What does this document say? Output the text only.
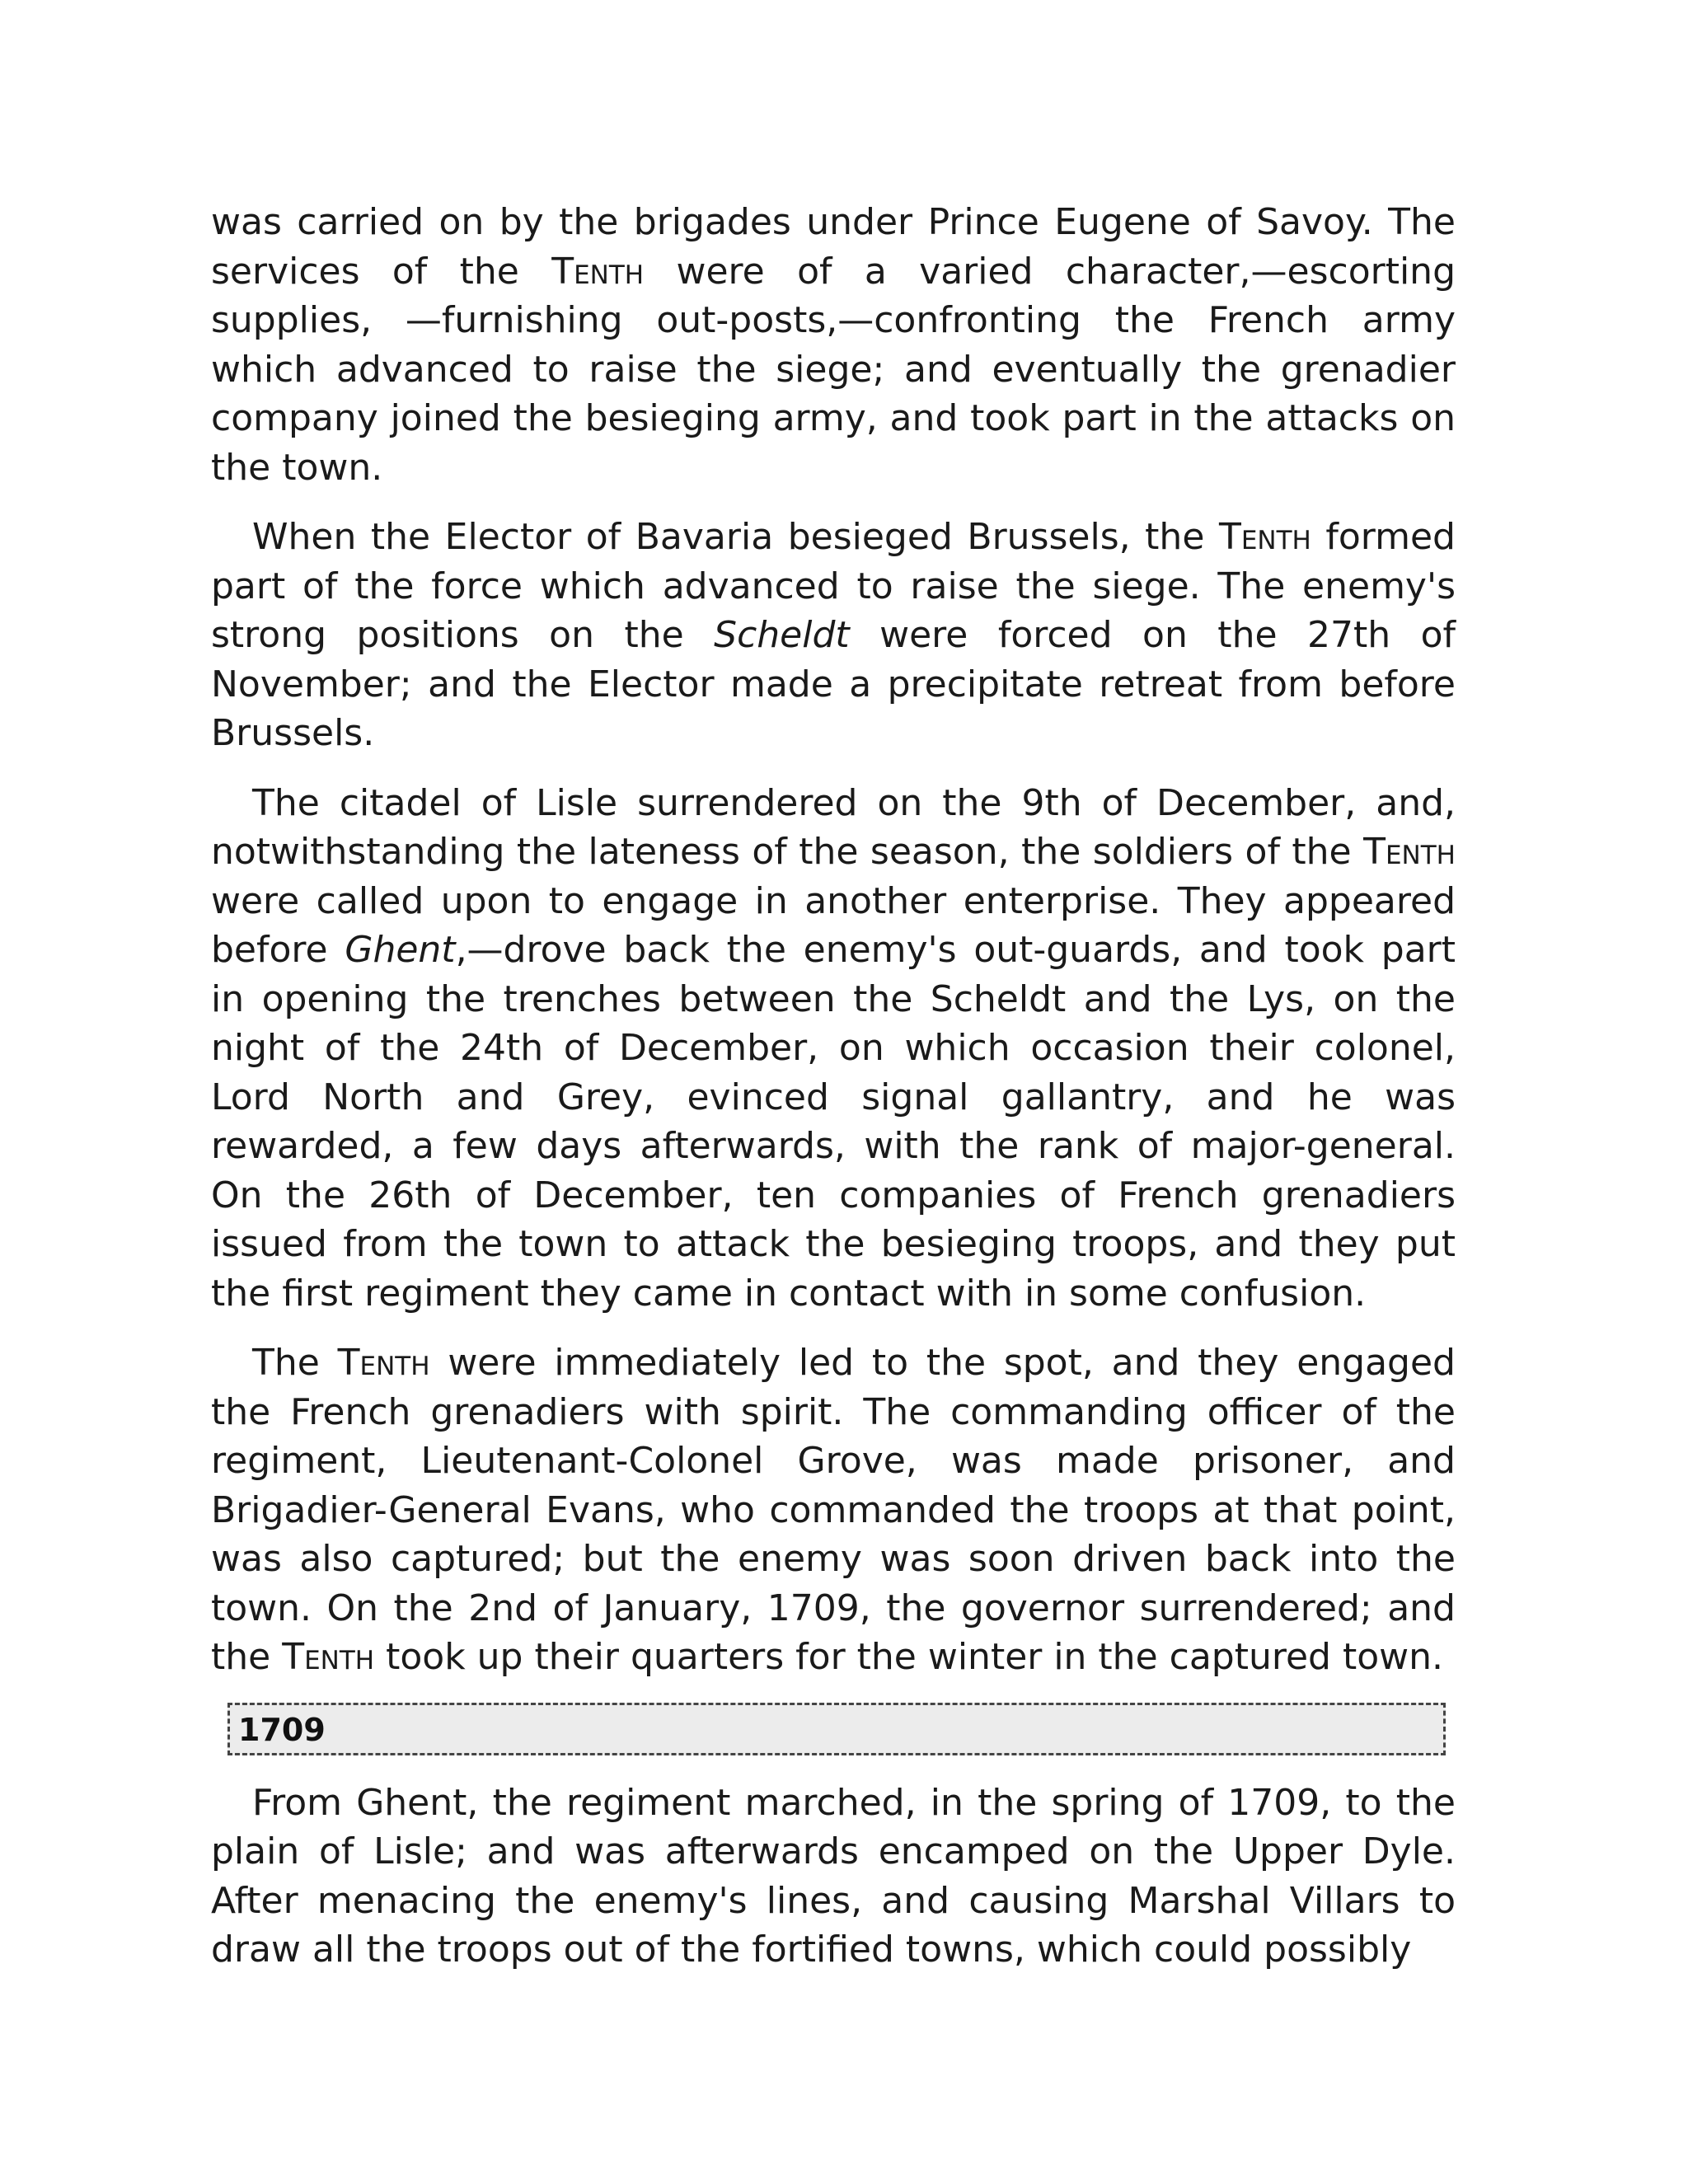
was carried on by the brigades under Prince Eugene of Savoy. The services of the Tenth were of a varied character,—escorting supplies, —furnishing out-posts,—confronting the French army which advanced to raise the siege; and eventually the grenadier company joined the besieging army, and took part in the attacks on the town.

When the Elector of Bavaria besieged Brussels, the Tenth formed part of the force which advanced to raise the siege. The enemy's strong positions on the Scheldt were forced on the 27th of November; and the Elector made a precipitate retreat from before Brussels.

The citadel of Lisle surrendered on the 9th of December, and, notwithstanding the lateness of the season, the soldiers of the Tenth were called upon to engage in another enterprise. They appeared before Ghent,—drove back the enemy's out-guards, and took part in opening the trenches between the Scheldt and the Lys, on the night of the 24th of December, on which occasion their colonel, Lord North and Grey, evinced signal gallantry, and he was rewarded, a few days afterwards, with the rank of major-general. On the 26th of December, ten companies of French grenadiers issued from the town to attack the besieging troops, and they put the first regiment they came in contact with in some confusion.

The Tenth were immediately led to the spot, and they engaged the French grenadiers with spirit. The commanding officer of the regiment, Lieutenant-Colonel Grove, was made prisoner, and Brigadier-General Evans, who commanded the troops at that point, was also captured; but the enemy was soon driven back into the town. On the 2nd of January, 1709, the governor surrendered; and the Tenth took up their quarters for the winter in the captured town.

1709

From Ghent, the regiment marched, in the spring of 1709, to the plain of Lisle; and was afterwards encamped on the Upper Dyle. After menacing the enemy's lines, and causing Marshal Villars to draw all the troops out of the fortified towns, which could possibly
